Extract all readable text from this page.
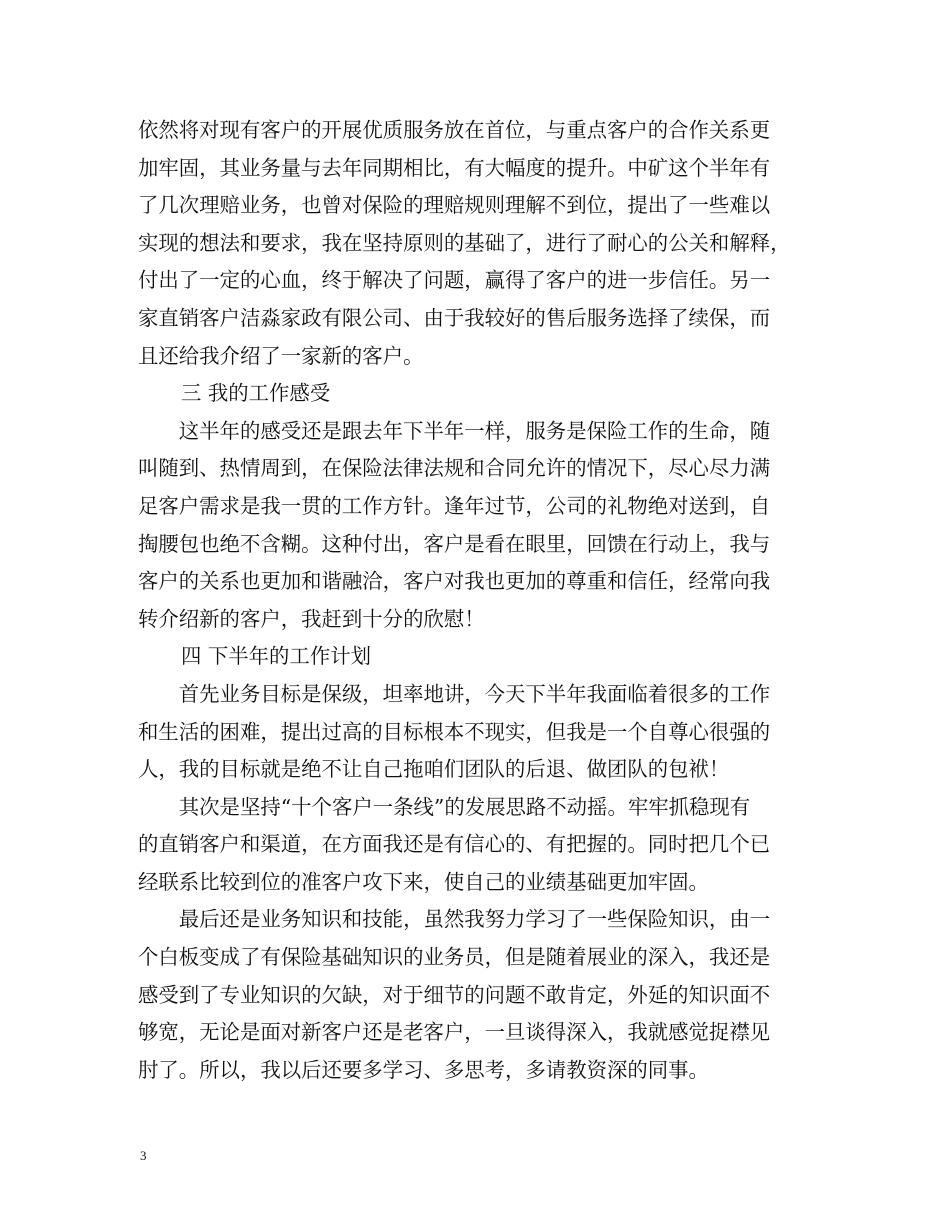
依然将对现有客户的开展优质服务放在首位，与重点客户的合作关系更
加牢固，其业务量与去年同期相比，有大幅度的提升。中矿这个半年有
了几次理赔业务，也曾对保险的理赔规则理解不到位，提出了一些难以
实现的想法和要求，我在坚持原则的基础了，进行了耐心的公关和解释，
付出了一定的心血，终于解决了问题，赢得了客户的进一步信任。另一
家直销客户洁淼家政有限公司、由于我较好的售后服务选择了续保，而
且还给我介绍了一家新的客户。
三 我的工作感受
　　这半年的感受还是跟去年下半年一样，服务是保险工作的生命，随
叫随到、热情周到，在保险法律法规和合同允许的情况下，尽心尽力满
足客户需求是我一贯的工作方针。逢年过节，公司的礼物绝对送到，自
掏腰包也绝不含糊。这种付出，客户是看在眼里，回馈在行动上，我与
客户的关系也更加和谐融洽，客户对我也更加的尊重和信任，经常向我
转介绍新的客户，我赶到十分的欣慰！
四 下半年的工作计划
　　首先业务目标是保级，坦率地讲，今天下半年我面临着很多的工作
和生活的困难，提出过高的目标根本不现实，但我是一个自尊心很强的
人，我的目标就是绝不让自己拖咱们团队的后退、做团队的包袱！
　　其次是坚持“十个客户一条线”的发展思路不动摇。牢牢抓稳现有
的直销客户和渠道，在方面我还是有信心的、有把握的。同时把几个已
经联系比较到位的准客户攻下来，使自己的业绩基础更加牢固。
　　最后还是业务知识和技能，虽然我努力学习了一些保险知识，由一
个白板变成了有保险基础知识的业务员，但是随着展业的深入，我还是
感受到了专业知识的欠缺，对于细节的问题不敢肯定，外延的知识面不
够宽，无论是面对新客户还是老客户，一旦谈得深入，我就感觉捉襟见
肘了。所以，我以后还要多学习、多思考，多请教资深的同事。
3
